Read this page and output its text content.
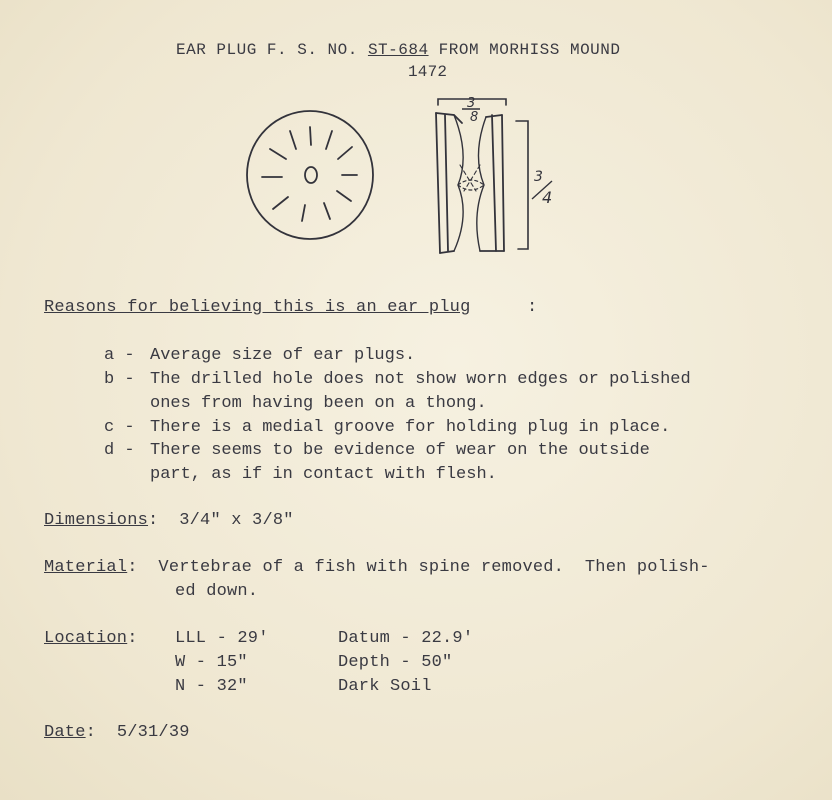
EAR PLUG F. S. NO. ST-684 FROM MORHISS MOUND
1472
3
8
3
4
Reasons for believing this is an ear plug	:
a - Average size of ear plugs.
b - The drilled hole does not show worn edges or polished
ones from having been on a thong.
c - There is a medial groove for holding plug in place.
d - There seems to be evidence of wear on the outside
part, as if in contact with flesh.
Dimensions:  3/4" x 3/8"
Material:  Vertebrae of a fish with spine removed.  Then polish-
ed down.
Location: LLL - 29'
W - 15"
N - 32"
Datum - 22.9'
Depth - 50"
Dark Soil
Date:  5/31/39
